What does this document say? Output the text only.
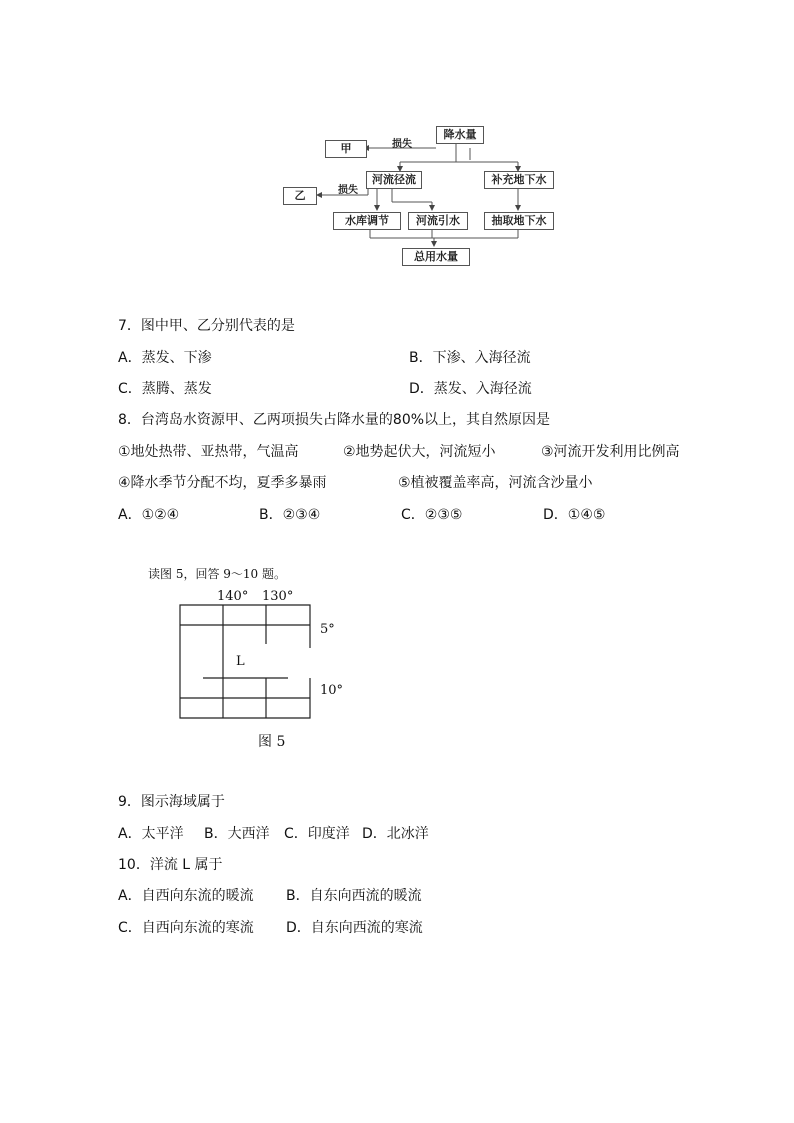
降水量
甲	损失
河流径流	补充地下水
乙	损失
水库调节	河流引水	抽取地下水
总用水量
7．图中甲、乙分别代表的是
A．蒸发、下渗	B．下渗、入海径流
C．蒸腾、蒸发	D．蒸发、入海径流
8．台湾岛水资源甲、乙两项损失占降水量的80%以上，其自然原因是
①地处热带、亚热带，气温高	②地势起伏大，河流短小	③河流开发利用比例高
④降水季节分配不均，夏季多暴雨	⑤植被覆盖率高，河流含沙量小
A．①②④	B．②③④	C．②③⑤	D．①④⑤
读图 5，回答 9～10 题。
140° 130°
5°
10°
L
图 5
9．图示海域属于
A．太平洋 B．大西洋 C．印度洋 D．北冰洋
10．洋流 L 属于
A．自西向东流的暖流 B．自东向西流的暖流
C．自西向东流的寒流 D．自东向西流的寒流
